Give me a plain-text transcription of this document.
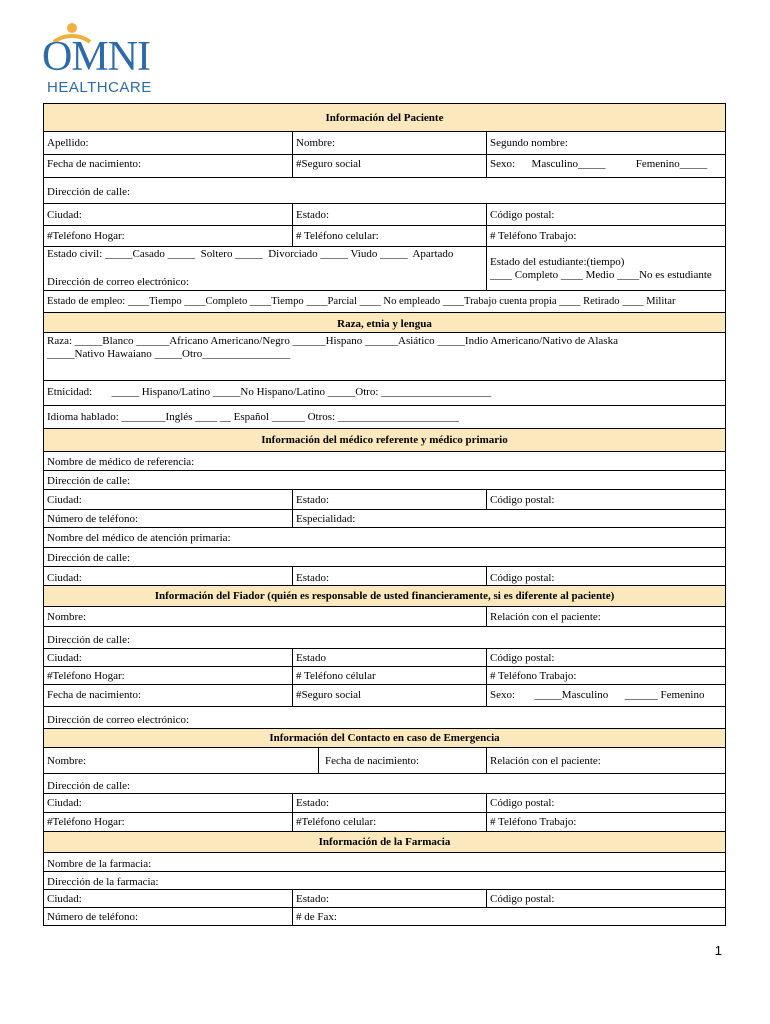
OMNI
HEALTHCARE
Información del Paciente
Apellido:	Nombre:	Segundo nombre:
Fecha de nacimiento:	#Seguro social	Sexo:      Masculino_____           Femenino_____
Dirección de calle:
Ciudad:	Estado:	Código postal:
#Teléfono Hogar:	# Teléfono celular:	# Teléfono Trabajo:
Estado civil: _____Casado _____  Soltero _____  Divorciado _____ Viudo _____  Apartado
Dirección de correo electrónico:
Estado del estudiante:(tiempo)
____ Completo ____ Medio ____No es estudiante
Estado de empleo: ____Tiempo ____Completo ____Tiempo ____Parcial ____ No empleado ____Trabajo cuenta propia ____ Retirado ____ Militar
Raza, etnia y lengua
Raza: _____Blanco ______Africano Americano/Negro ______Hispano ______Asiático _____Indio Americano/Nativo de Alaska
_____Nativo Hawaiano _____Otro________________
Etnicidad:       _____ Hispano/Latino _____No Hispano/Latino _____Otro: ____________________
Idioma hablado: ________Inglés ____ __ Español ______ Otros: ______________________
Información del médico referente y médico primario
Nombre de médico de referencia:
Dirección de calle:
Ciudad:	Estado:	Código postal:
Número de teléfono:	Especialidad:
Nombre del médico de atención primaria:
Dirección de calle:
Ciudad:	Estado:	Código postal:
Información del Fiador (quién es responsable de usted financieramente, si es diferente al paciente)
Nombre:	Relación con el paciente:
Dirección de calle:
Ciudad:	Estado	Código postal:
#Teléfono Hogar:	# Teléfono célular	# Teléfono Trabajo:
Fecha de nacimiento:	#Seguro social	Sexo:       _____Masculino      ______ Femenino
Dirección de correo electrónico:
Información del Contacto en caso de Emergencia
Nombre:	Fecha de nacimiento:	Relación con el paciente:
Dirección de calle:
Ciudad:	Estado:	Código postal:
#Teléfono Hogar:	#Teléfono celular:	# Teléfono Trabajo:
Información de la Farmacia
Nombre de la farmacia:
Dirección de la farmacia:
Ciudad:	Estado:	Código postal:
Número de teléfono:	# de Fax:
1
